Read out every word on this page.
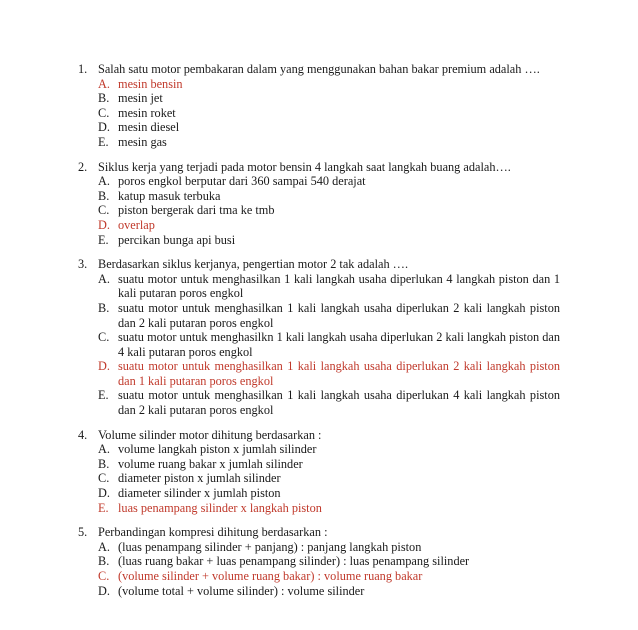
1. Salah satu motor pembakaran dalam yang menggunakan bahan bakar premium adalah ….
A. mesin bensin
B. mesin jet
C. mesin roket
D. mesin diesel
E. mesin gas
2. Siklus kerja yang terjadi pada motor bensin 4 langkah saat langkah buang adalah….
A. poros engkol berputar dari 360 sampai 540 derajat
B. katup masuk terbuka
C. piston bergerak dari tma ke tmb
D. overlap
E. percikan bunga api busi
3. Berdasarkan siklus kerjanya, pengertian motor 2 tak adalah ….
A. suatu motor untuk menghasilkan 1 kali langkah usaha diperlukan 4 langkah piston dan 1 kali putaran poros engkol
B. suatu motor untuk menghasilkan 1 kali langkah usaha diperlukan 2 kali langkah piston dan 2 kali putaran poros engkol
C. suatu motor untuk menghasilkn 1 kali langkah usaha diperlukan 2 kali langkah piston dan 4 kali putaran poros engkol
D. suatu motor untuk menghasilkan 1 kali langkah usaha diperlukan 2 kali langkah piston dan 1 kali putaran poros engkol
E. suatu motor untuk menghasilkan 1 kali langkah usaha diperlukan 4 kali langkah piston dan 2 kali putaran poros engkol
4. Volume silinder motor dihitung berdasarkan :
A. volume langkah piston x jumlah silinder
B. volume ruang bakar x jumlah silinder
C. diameter piston x jumlah silinder
D. diameter silinder x jumlah piston
E. luas penampang silinder x langkah piston
5. Perbandingan kompresi dihitung berdasarkan :
A. (luas penampang silinder + panjang) : panjang langkah piston
B. (luas ruang bakar + luas penampang silinder) : luas penampang silinder
C. (volume silinder + volume ruang bakar) : volume ruang bakar
D. (volume total + volume silinder) : volume silinder
